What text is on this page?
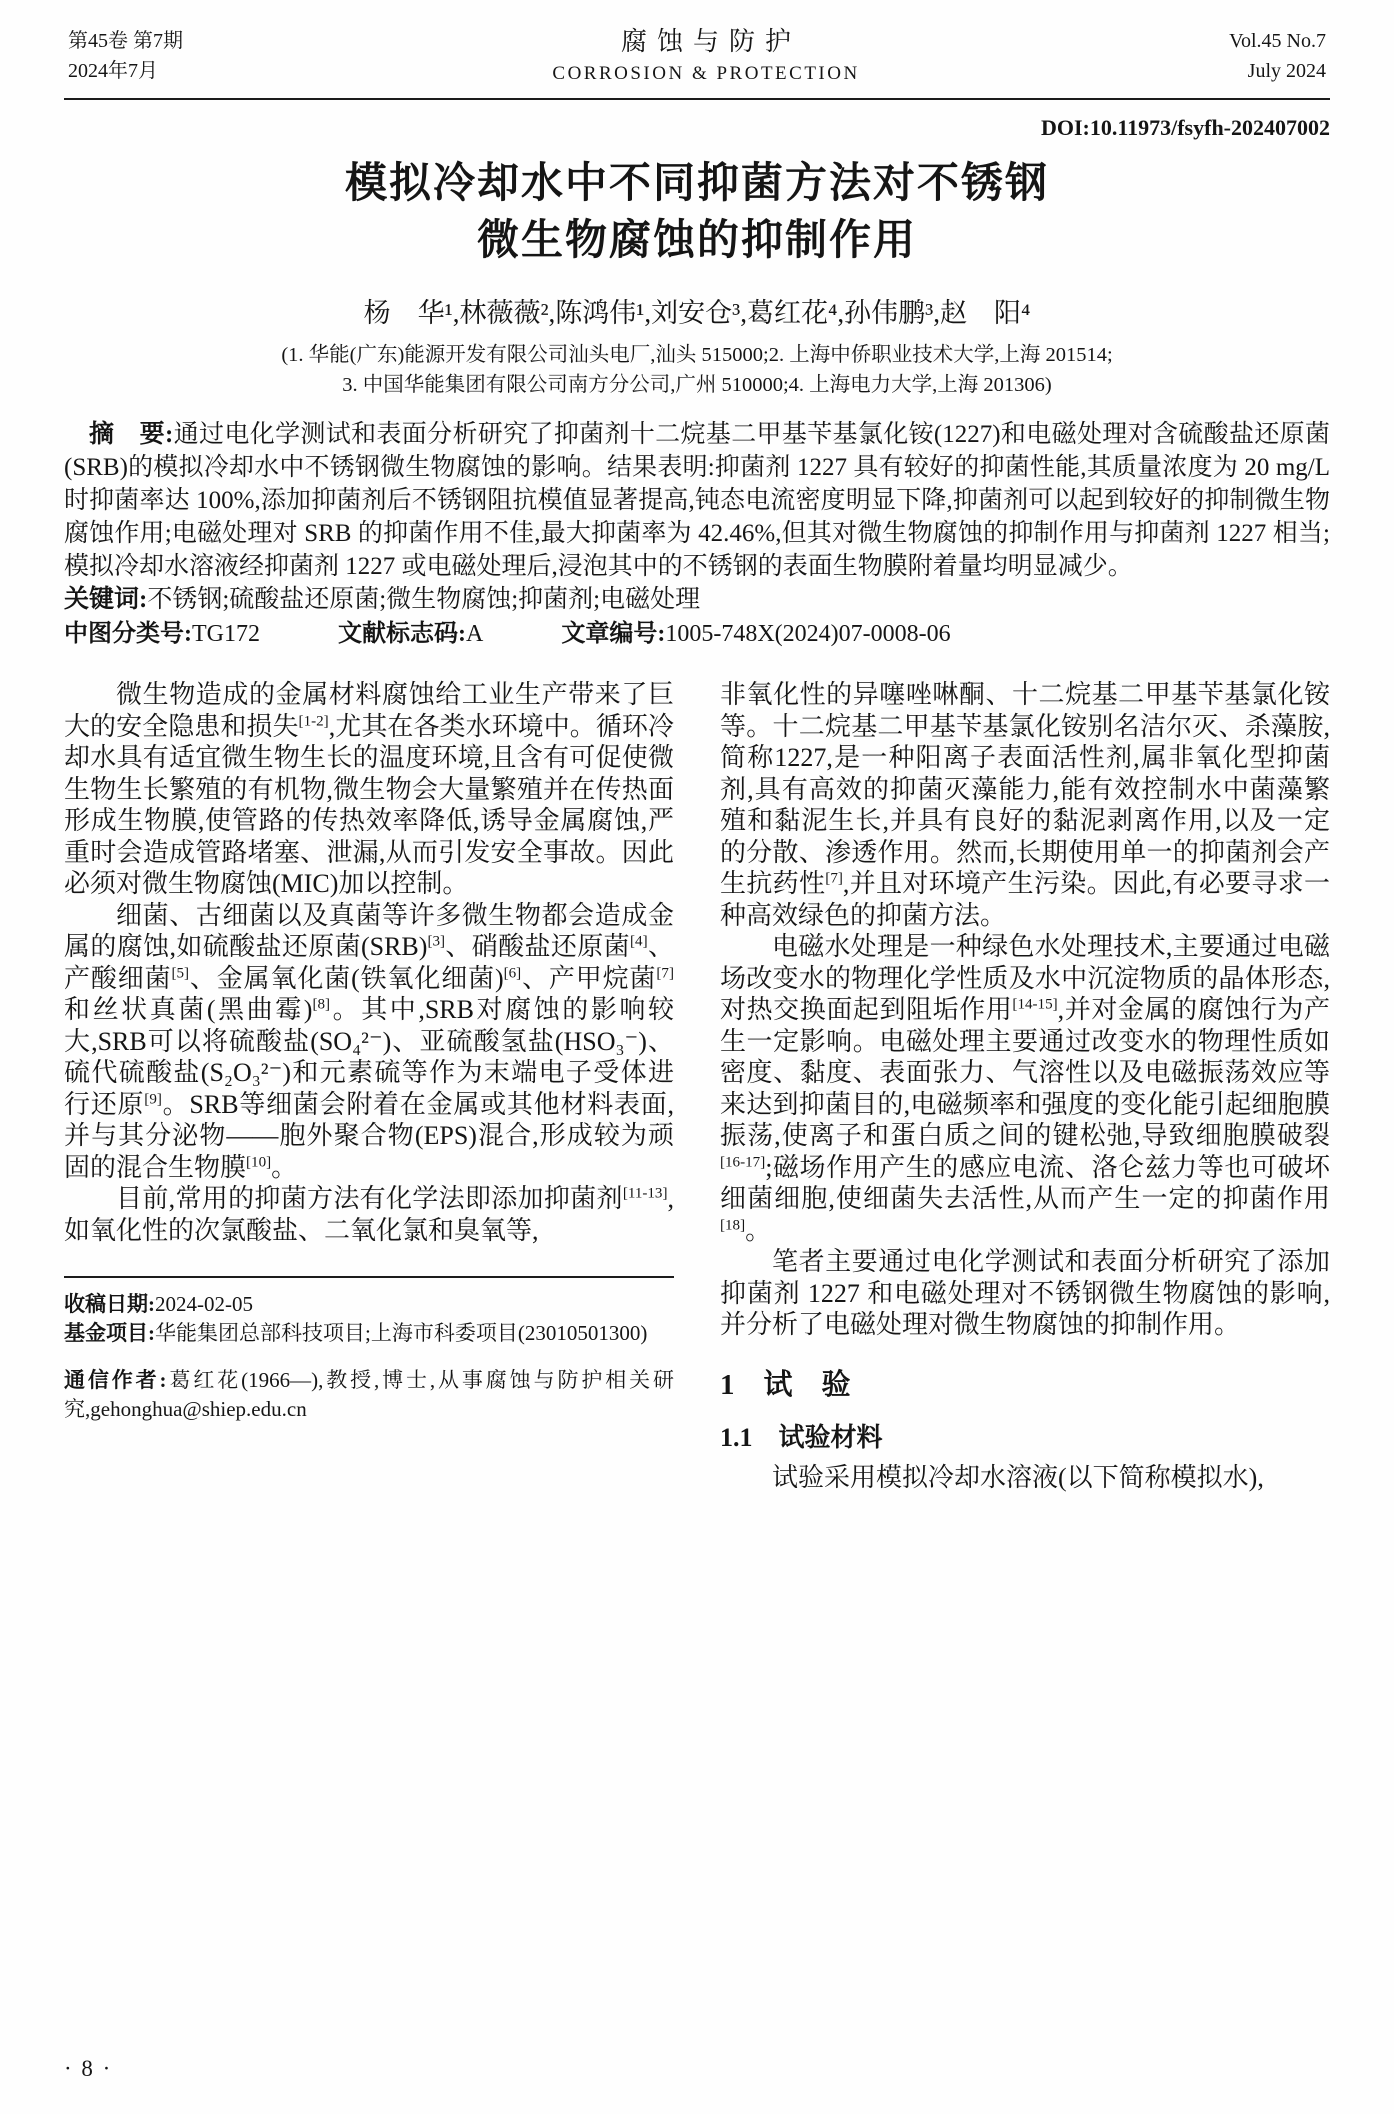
第45卷 第7期
2024年7月
腐蚀与防护
CORROSION & PROTECTION
Vol.45 No.7
July 2024
DOI:10.11973/fsyfh-202407002
模拟冷却水中不同抑菌方法对不锈钢
微生物腐蚀的抑制作用
杨　华¹,林薇薇²,陈鸿伟¹,刘安仓³,葛红花⁴,孙伟鹏³,赵　阳⁴
(1. 华能(广东)能源开发有限公司汕头电厂,汕头 515000;2. 上海中侨职业技术大学,上海 201514;
3. 中国华能集团有限公司南方分公司,广州 510000;4. 上海电力大学,上海 201306)

摘　要:通过电化学测试和表面分析研究了抑菌剂十二烷基二甲基苄基氯化铵(1227)和电磁处理对含硫酸盐还原菌(SRB)的模拟冷却水中不锈钢微生物腐蚀的影响。结果表明:抑菌剂 1227 具有较好的抑菌性能,其质量浓度为 20 mg/L 时抑菌率达 100%,添加抑菌剂后不锈钢阻抗模值显著提高,钝态电流密度明显下降,抑菌剂可以起到较好的抑制微生物腐蚀作用;电磁处理对 SRB 的抑菌作用不佳,最大抑菌率为 42.46%,但其对微生物腐蚀的抑制作用与抑菌剂 1227 相当;模拟冷却水溶液经抑菌剂 1227 或电磁处理后,浸泡其中的不锈钢的表面生物膜附着量均明显减少。

关键词:不锈钢;硫酸盐还原菌;微生物腐蚀;抑菌剂;电磁处理

中图分类号:TG172	文献标志码:A	文章编号:1005-748X(2024)07-0008-06

微生物造成的金属材料腐蚀给工业生产带来了巨大的安全隐患和损失[1-2],尤其在各类水环境中。循环冷却水具有适宜微生物生长的温度环境,且含有可促使微生物生长繁殖的有机物,微生物会大量繁殖并在传热面形成生物膜,使管路的传热效率降低,诱导金属腐蚀,严重时会造成管路堵塞、泄漏,从而引发安全事故。因此必须对微生物腐蚀(MIC)加以控制。

细菌、古细菌以及真菌等许多微生物都会造成金属的腐蚀,如硫酸盐还原菌(SRB)[3]、硝酸盐还原菌[4]、产酸细菌[5]、金属氧化菌(铁氧化细菌)[6]、产甲烷菌[7]和丝状真菌(黑曲霉)[8]。其中,SRB对腐蚀的影响较大,SRB可以将硫酸盐(SO₄²⁻)、亚硫酸氢盐(HSO₃⁻)、硫代硫酸盐(S₂O₃²⁻)和元素硫等作为末端电子受体进行还原[9]。SRB等细菌会附着在金属或其他材料表面,并与其分泌物——胞外聚合物(EPS)混合,形成较为顽固的混合生物膜[10]。

目前,常用的抑菌方法有化学法即添加抑菌剂[11-13],如氧化性的次氯酸盐、二氧化氯和臭氧等,

收稿日期:2024-02-05

基金项目:华能集团总部科技项目;上海市科委项目(23010501300)

通信作者:葛红花(1966—),教授,博士,从事腐蚀与防护相关研究,gehonghua@shiep.edu.cn

非氧化性的异噻唑啉酮、十二烷基二甲基苄基氯化铵等。十二烷基二甲基苄基氯化铵别名洁尔灭、杀藻胺,简称1227,是一种阳离子表面活性剂,属非氧化型抑菌剂,具有高效的抑菌灭藻能力,能有效控制水中菌藻繁殖和黏泥生长,并具有良好的黏泥剥离作用,以及一定的分散、渗透作用。然而,长期使用单一的抑菌剂会产生抗药性[7],并且对环境产生污染。因此,有必要寻求一种高效绿色的抑菌方法。

电磁水处理是一种绿色水处理技术,主要通过电磁场改变水的物理化学性质及水中沉淀物质的晶体形态,对热交换面起到阻垢作用[14-15],并对金属的腐蚀行为产生一定影响。电磁处理主要通过改变水的物理性质如密度、黏度、表面张力、气溶性以及电磁振荡效应等来达到抑菌目的,电磁频率和强度的变化能引起细胞膜振荡,使离子和蛋白质之间的键松弛,导致细胞膜破裂[16-17];磁场作用产生的感应电流、洛仑兹力等也可破坏细菌细胞,使细菌失去活性,从而产生一定的抑菌作用[18]。

笔者主要通过电化学测试和表面分析研究了添加抑菌剂 1227 和电磁处理对不锈钢微生物腐蚀的影响,并分析了电磁处理对微生物腐蚀的抑制作用。

1　试　验
1.1　试验材料

试验采用模拟冷却水溶液(以下简称模拟水),

· 8 ·
